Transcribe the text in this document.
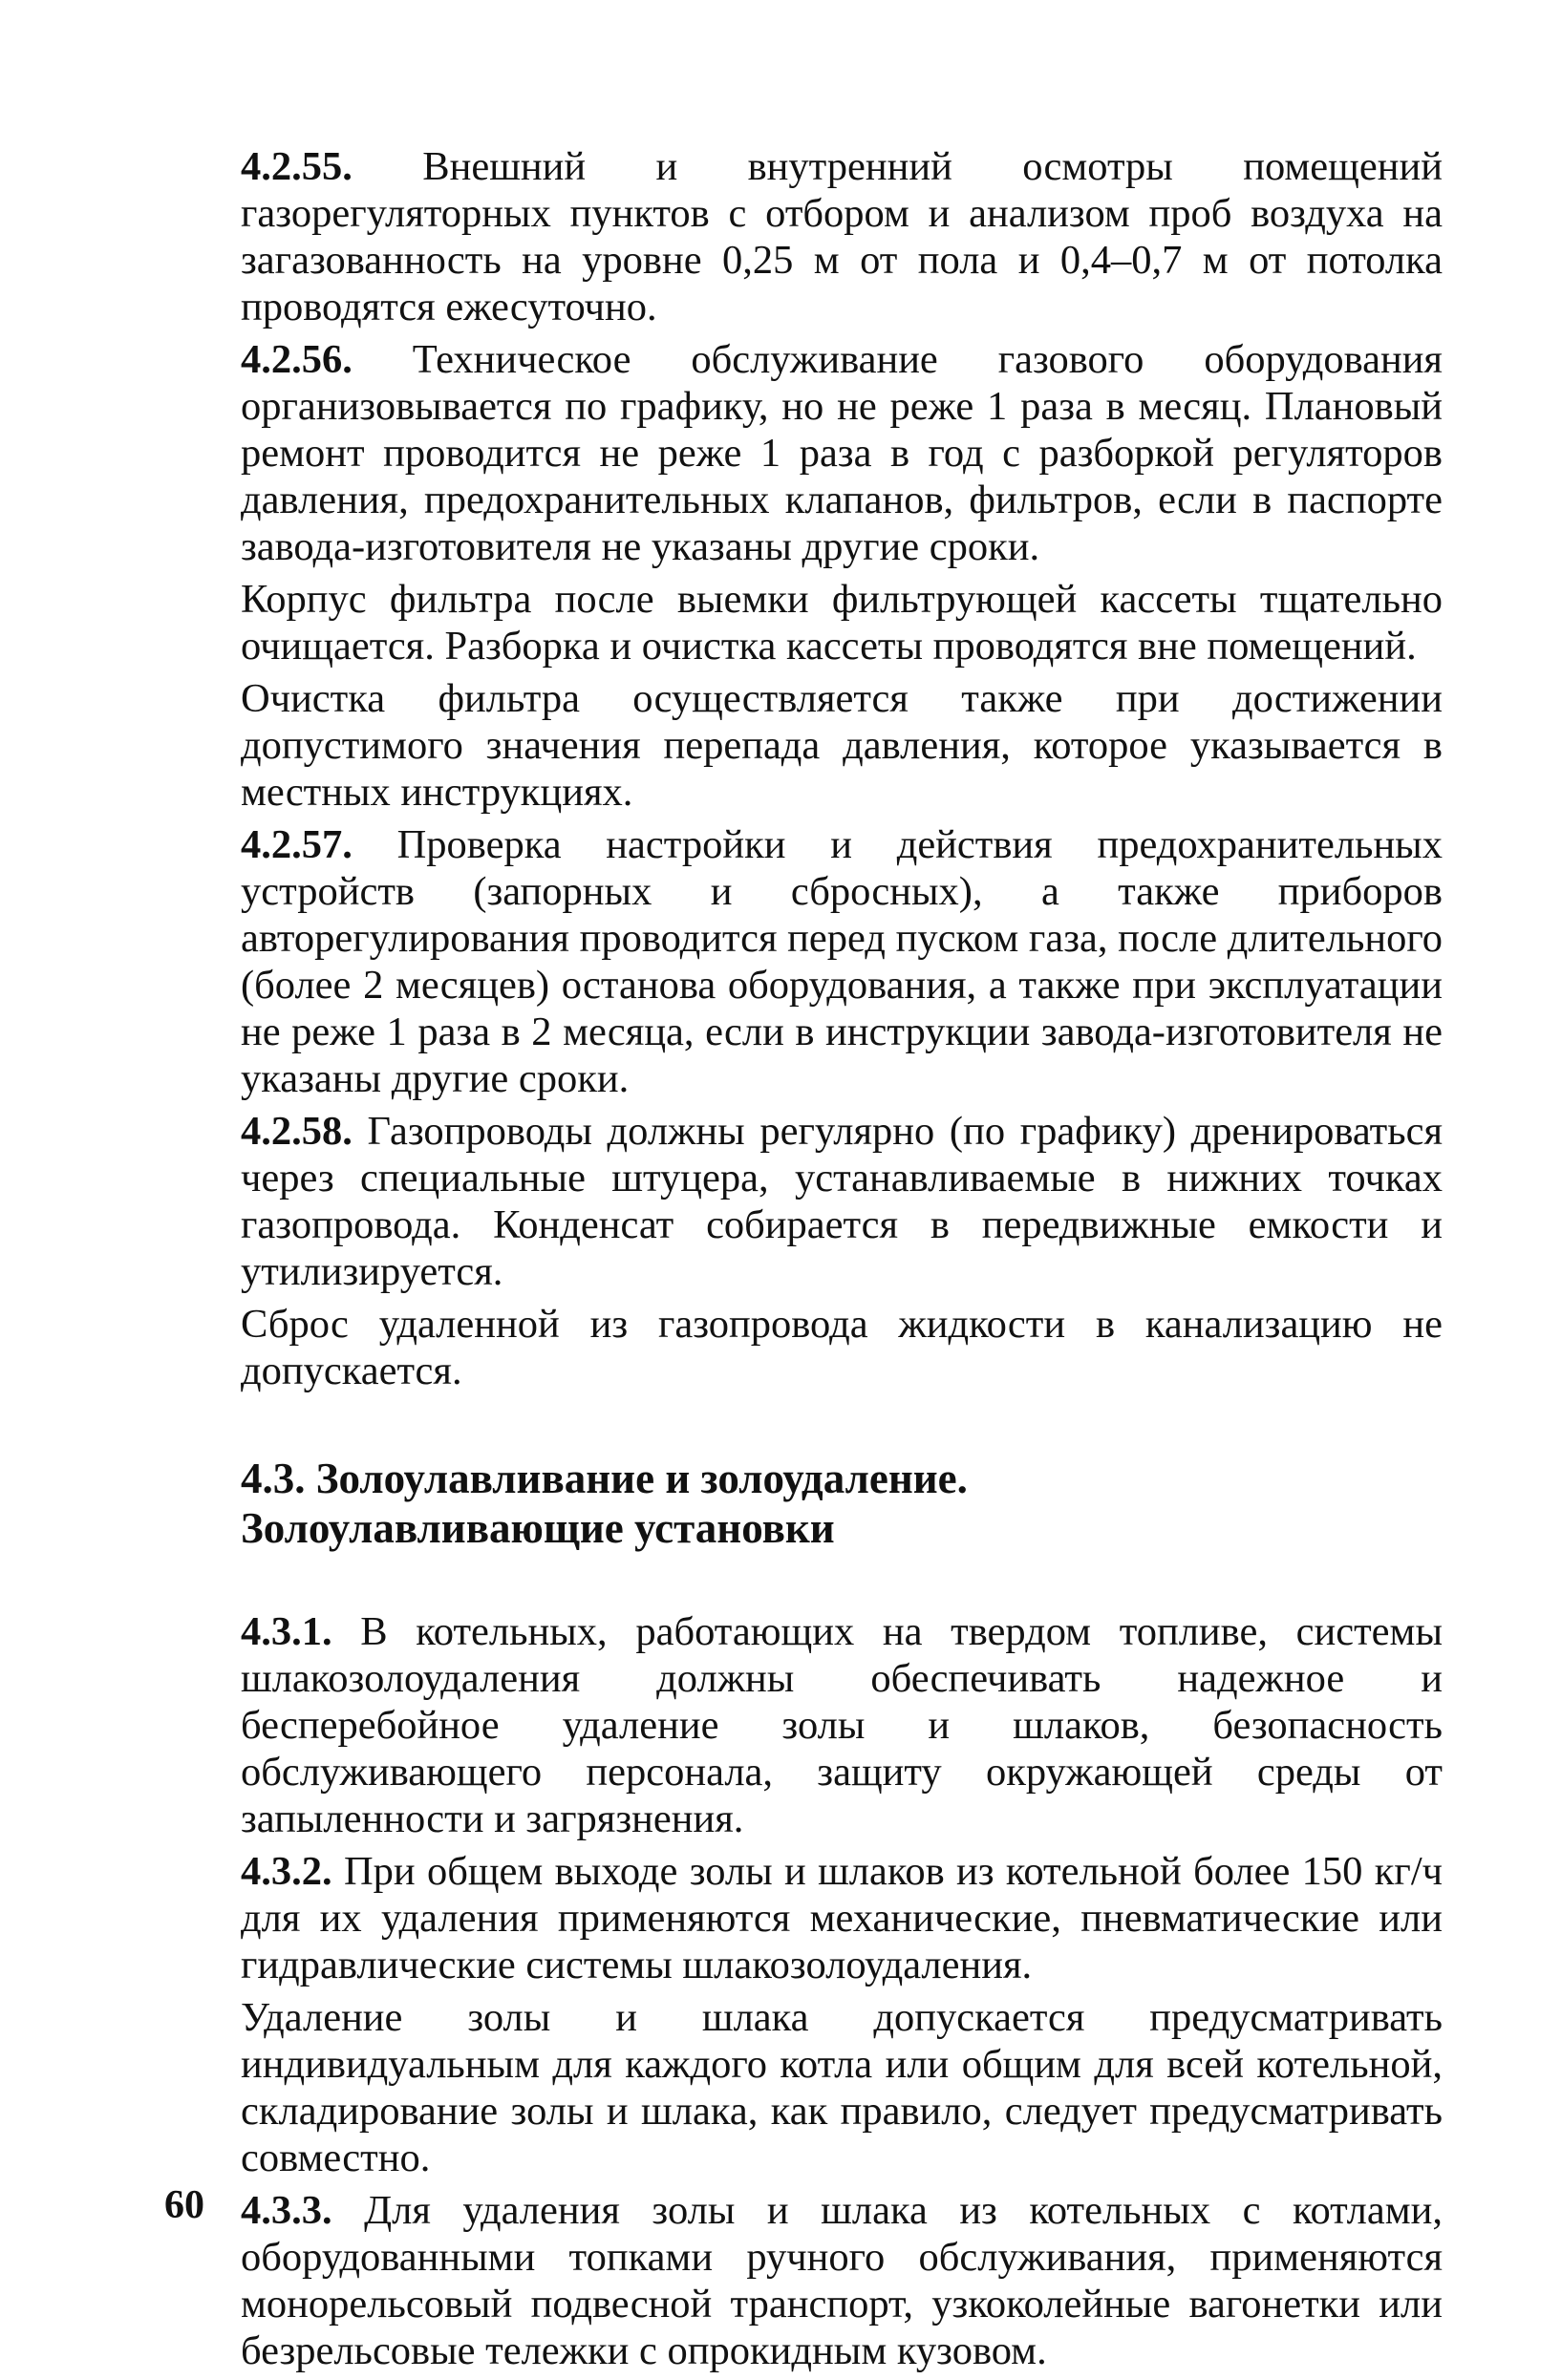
4.2.55. Внешний и внутренний осмотры помещений газорегуляторных пунктов с отбором и анализом проб воздуха на загазованность на уровне 0,25 м от пола и 0,4–0,7 м от потолка проводятся ежесуточно.

4.2.56. Техническое обслуживание газового оборудования организовывается по графику, но не реже 1 раза в месяц. Плановый ремонт проводится не реже 1 раза в год с разборкой регуляторов давления, предохранительных клапанов, фильтров, если в паспорте завода-изготовителя не указаны другие сроки.

Корпус фильтра после выемки фильтрующей кассеты тщательно очищается. Разборка и очистка кассеты проводятся вне помещений.

Очистка фильтра осуществляется также при достижении допустимого значения перепада давления, которое указывается в местных инструкциях.

4.2.57. Проверка настройки и действия предохранительных устройств (запорных и сбросных), а также приборов авторегулирования проводится перед пуском газа, после длительного (более 2 месяцев) останова оборудования, а также при эксплуатации не реже 1 раза в 2 месяца, если в инструкции завода-изготовителя не указаны другие сроки.

4.2.58. Газопроводы должны регулярно (по графику) дренироваться через специальные штуцера, устанавливаемые в нижних точках газопровода. Конденсат собирается в передвижные емкости и утилизируется.

Сброс удаленной из газопровода жидкости в канализацию не допускается.

4.3. Золоулавливание и золоудаление.
Золоулавливающие установки

4.3.1. В котельных, работающих на твердом топливе, системы шлакозолоудаления должны обеспечивать надежное и бесперебойное удаление золы и шлаков, безопасность обслуживающего персонала, защиту окружающей среды от запыленности и загрязнения.

4.3.2. При общем выходе золы и шлаков из котельной более 150 кг/ч для их удаления применяются механические, пневматические или гидравлические системы шлакозолоудаления.

Удаление золы и шлака допускается предусматривать индивидуальным для каждого котла или общим для всей котельной, складирование золы и шлака, как правило, следует предусматривать совместно.

4.3.3. Для удаления золы и шлака из котельных с котлами, оборудованными топками ручного обслуживания, применяются монорельсовый подвесной транспорт, узкоколейные вагонетки или безрельсовые тележки с опрокидным кузовом.

60
